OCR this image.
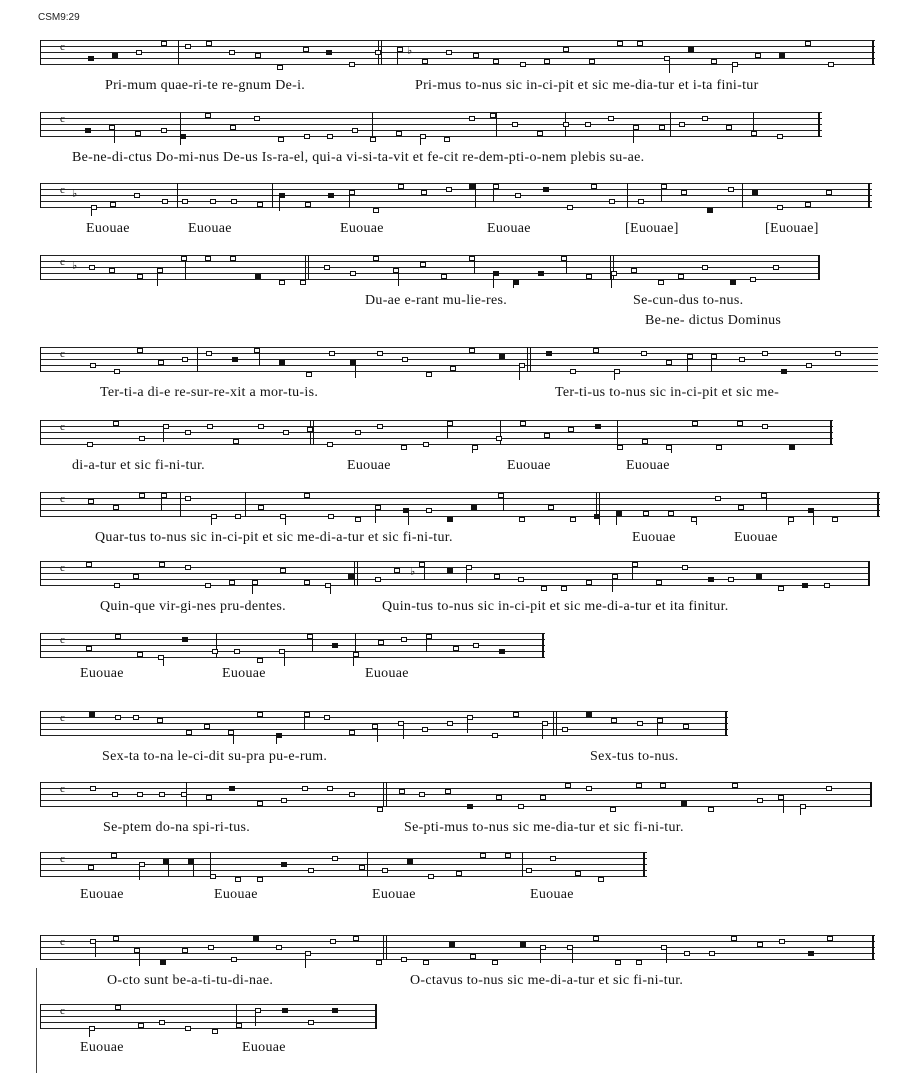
CSM9:29
c	♭
Pri-mum quae-ri-te re-gnum De-i.	Pri-mus to-nus sic in-ci-pit et sic me-dia-tur et i-ta fini-tur
c
Be-ne-di-ctus Do-mi-nus De-us Is-ra-el, qui-a vi-si-ta-vit et fe-cit re-dem-pti-o-nem plebis su-ae.
c ♭
Euouae	Euouae	Euouae	Euouae	[Euouae]	[Euouae]
c ♭
Du-ae e-rant mu-lie-res.	Se-cun-dus to-nus.
Be-ne- dictus Dominus
c
Ter-ti-a di-e re-sur-re-xit a mor-tu-is.	Ter-ti-us to-nus sic in-ci-pit et sic me-
c
di-a-tur et sic fi-ni-tur.	Euouae	Euouae	Euouae
c
Quar-tus to-nus sic in-ci-pit et sic me-di-a-tur et sic fi-ni-tur.	Euouae	Euouae
c	♭
Quin-que vir-gi-nes pru-dentes.	Quin-tus to-nus sic in-ci-pit et sic me-di-a-tur et ita finitur.
c
Euouae	Euouae	Euouae
c
Sex-ta to-na le-ci-dit su-pra pu-e-rum.	Sex-tus to-nus.
c
Se-ptem do-na spi-ri-tus.	Se-pti-mus to-nus sic me-dia-tur et sic fi-ni-tur.
c
Euouae	Euouae	Euouae	Euouae
c
O-cto sunt be-a-ti-tu-di-nae.	O-ctavus to-nus sic me-di-a-tur et sic fi-ni-tur.
c
Euouae	Euouae
